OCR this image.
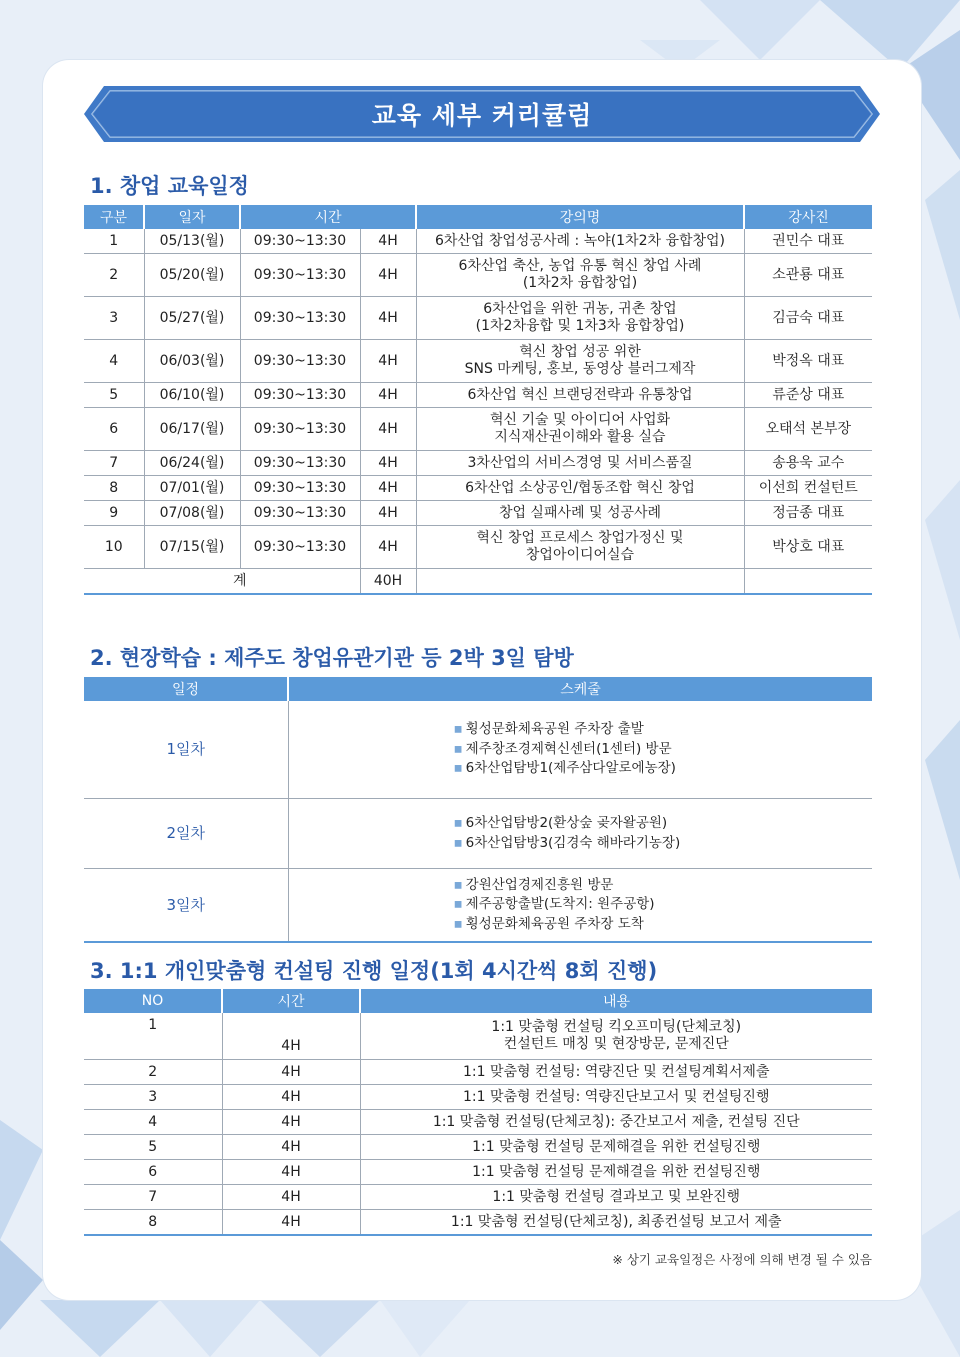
교육 세부 커리큘럼
1. 창업 교육일정
구분	일자	시간		강의명	강사진
1	05/13(월)	09:30~13:30	4H	6차산업 창업성공사례 : 녹야(1차2차 융합창업)	권민수 대표
2	05/20(월)	09:30~13:30	4H	6차산업 축산, 농업 유통 혁신 창업 사례
(1차2차 융합창업)	소관룡 대표
3	05/27(월)	09:30~13:30	4H	6차산업을 위한 귀농, 귀촌 창업
(1차2차융합 및 1차3차 융합창업)	김금숙 대표
4	06/03(월)	09:30~13:30	4H	혁신 창업 성공 위한
SNS 마케팅, 홍보, 동영상 블러그제작	박정옥 대표
5	06/10(월)	09:30~13:30	4H	6차산업 혁신 브랜딩전략과 유통창업	류준상 대표
6	06/17(월)	09:30~13:30	4H	혁신 기술 및 아이디어 사업화
지식재산권이해와 활용 실습	오태석 본부장
7	06/24(월)	09:30~13:30	4H	3차산업의 서비스경영 및 서비스품질	송용욱 교수
8	07/01(월)	09:30~13:30	4H	6차산업 소상공인/협동조합 혁신 창업	이선희 컨설턴트
9	07/08(월)	09:30~13:30	4H	창업 실패사례 및 성공사례	정금종 대표
10	07/15(월)	09:30~13:30	4H	혁신 창업 프로세스 창업가정신 및
창업아이디어실습	박상호 대표
계			40H		
2. 현장학습 : 제주도 창업유관기관 등 2박 3일 탐방
일정	스케줄
1일차	▪ 횡성문화체육공원 주차장 출발
▪ 제주창조경제혁신센터(1센터) 방문
▪ 6차산업탐방1(제주삼다알로에농장)

2일차	▪ 6차산업탐방2(환상숲 곶자왈공원)
▪ 6차산업탐방3(김경숙 해바라기농장)

3일차	▪ 강원산업경제진흥원 방문
▪ 제주공항출발(도착지: 원주공항)
▪ 횡성문화체육공원 주차장 도착
3. 1:1 개인맞춤형 컨설팅 진행 일정(1회 4시간씩 8회 진행)
NO	시간	내용
1	4H	1:1 맞춤형 컨설팅 킥오프미팅(단체코칭)
컨설턴트 매칭 및 현장방문, 문제진단

2	4H	1:1 맞춤형 컨설팅: 역량진단 및 컨설팅계획서제출

3	4H	1:1 맞춤형 컨설팅: 역량진단보고서 및 컨설팅진행

4	4H	1:1 맞춤형 컨설팅(단체코칭): 중간보고서 제출, 컨설팅 진단

5	4H	1:1 맞춤형 컨설팅 문제해결을 위한 컨설팅진행

6	4H	1:1 맞춤형 컨설팅 문제해결을 위한 컨설팅진행

7	4H	1:1 맞춤형 컨설팅 결과보고 및 보완진행

8	4H	1:1 맞춤형 컨설팅(단체코칭), 최종컨설팅 보고서 제출
※ 상기 교육일정은 사정에 의해 변경 될 수 있음
